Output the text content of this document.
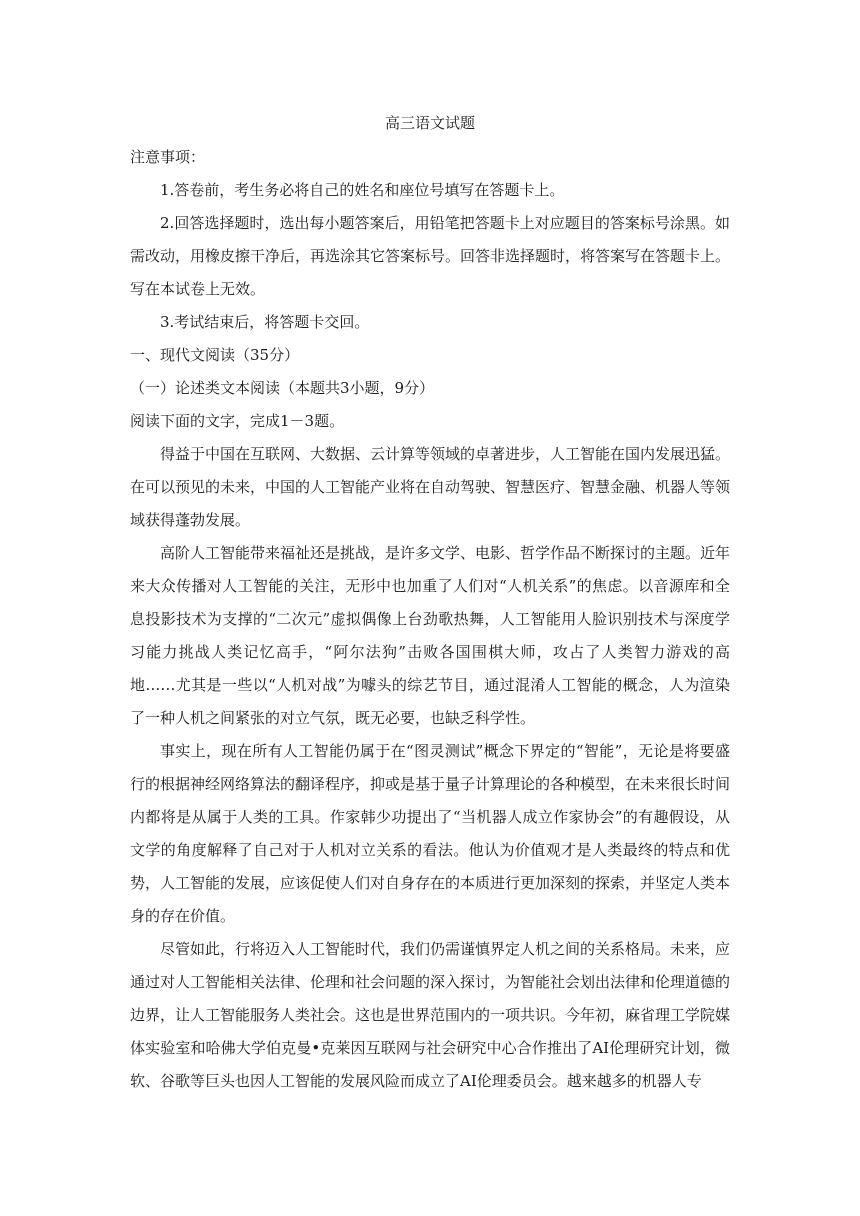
高三语文试题

注意事项：

1.答卷前，考生务必将自己的姓名和座位号填写在答题卡上。

2.回答选择题时，选出每小题答案后，用铅笔把答题卡上对应题目的答案标号涂黑。如需改动，用橡皮擦干净后，再选涂其它答案标号。回答非选择题时，将答案写在答题卡上。写在本试卷上无效。

3.考试结束后，将答题卡交回。

一、现代文阅读（35分）

（一）论述类文本阅读（本题共3小题，9分）

阅读下面的文字，完成1－3题。

得益于中国在互联网、大数据、云计算等领域的卓著进步，人工智能在国内发展迅猛。在可以预见的未来，中国的人工智能产业将在自动驾驶、智慧医疗、智慧金融、机器人等领域获得蓬勃发展。

高阶人工智能带来福祉还是挑战，是许多文学、电影、哲学作品不断探讨的主题。近年来大众传播对人工智能的关注，无形中也加重了人们对“人机关系”的焦虑。以音源库和全息投影技术为支撑的“二次元”虚拟偶像上台劲歌热舞，人工智能用人脸识别技术与深度学习能力挑战人类记忆高手，“阿尔法狗”击败各国围棋大师，攻占了人类智力游戏的高地……尤其是一些以“人机对战”为噱头的综艺节目，通过混淆人工智能的概念，人为渲染了一种人机之间紧张的对立气氛，既无必要，也缺乏科学性。

事实上，现在所有人工智能仍属于在“图灵测试”概念下界定的“智能”，无论是将要盛行的根据神经网络算法的翻译程序，抑或是基于量子计算理论的各种模型，在未来很长时间内都将是从属于人类的工具。作家韩少功提出了“当机器人成立作家协会”的有趣假设，从文学的角度解释了自己对于人机对立关系的看法。他认为价值观才是人类最终的特点和优势，人工智能的发展，应该促使人们对自身存在的本质进行更加深刻的探索，并坚定人类本身的存在价值。

尽管如此，行将迈入人工智能时代，我们仍需谨慎界定人机之间的关系格局。未来，应通过对人工智能相关法律、伦理和社会问题的深入探讨，为智能社会划出法律和伦理道德的边界，让人工智能服务人类社会。这也是世界范围内的一项共识。今年初，麻省理工学院媒体实验室和哈佛大学伯克曼•克莱因互联网与社会研究中心合作推出了AI伦理研究计划，微软、谷歌等巨头也因人工智能的发展风险而成立了AI伦理委员会。越来越多的机器人专
